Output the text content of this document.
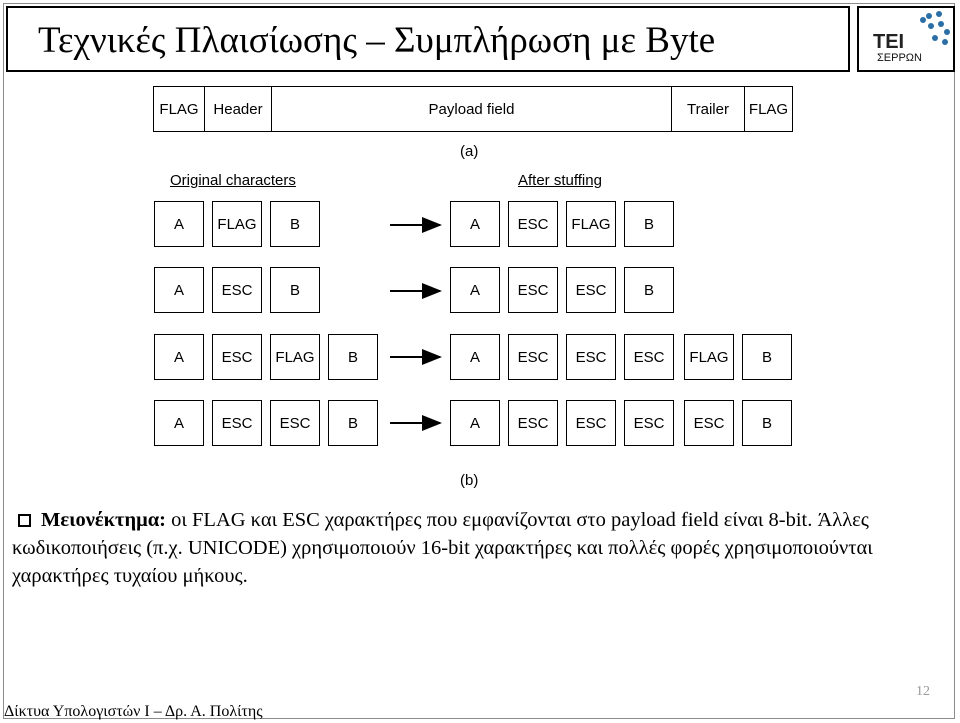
Τεχνικές Πλαισίωσης – Συμπλήρωση με Byte	TEI
ΣΕΡΡΩΝ
FLAG Header	Payload field	Trailer	FLAG
(a)
Original characters	After stuffing
A	FLAG	B	A	ESC	FLAG	B
A	ESC	B	A	ESC	ESC	B
A	ESC	FLAG	B	A	ESC	ESC	ESC	FLAG	B
A	ESC	ESC	B	A	ESC	ESC	ESC	ESC	B
(b)
Μειονέκτημα: οι FLAG και ESC χαρακτήρες που εμφανίζονται στο payload field είναι 8-bit. Άλλες κωδικοποιήσεις (π.χ. UNICODE) χρησιμοποιούν 16-bit χαρακτήρες και πολλές φορές χρησιμοποιούνται χαρακτήρες τυχαίου μήκους.
Δίκτυα Υπολογιστών Ι – Δρ. Α. Πολίτης
12
